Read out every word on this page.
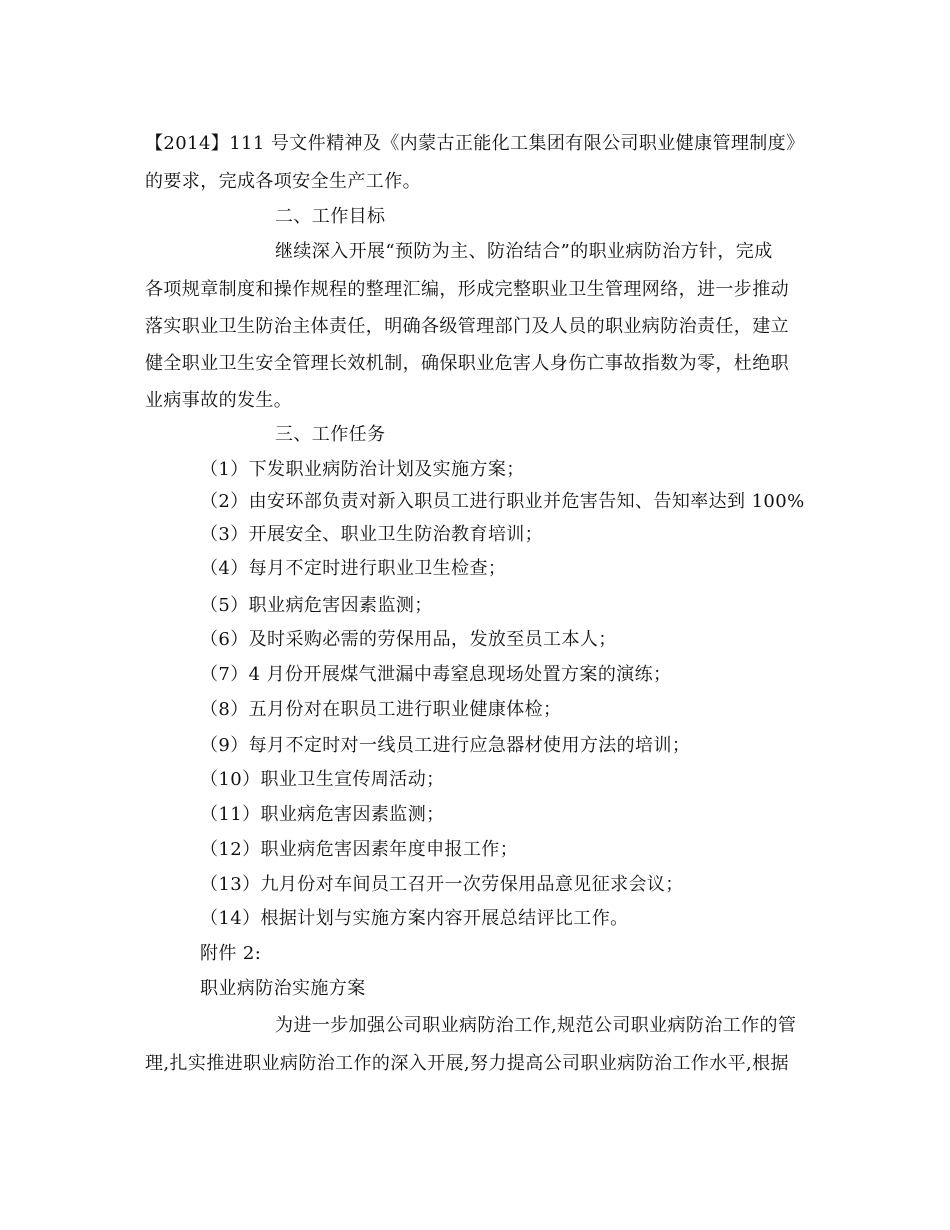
【2014】111 号文件精神及《内蒙古正能化工集团有限公司职业健康管理制度》
的要求，完成各项安全生产工作。
二、工作目标
继续深入开展“预防为主、防治结合”的职业病防治方针，完成
各项规章制度和操作规程的整理汇编，形成完整职业卫生管理网络，进一步推动
落实职业卫生防治主体责任，明确各级管理部门及人员的职业病防治责任，建立
健全职业卫生安全管理长效机制，确保职业危害人身伤亡事故指数为零，杜绝职
业病事故的发生。
三、工作任务
（1）下发职业病防治计划及实施方案；
（2）由安环部负责对新入职员工进行职业并危害告知、告知率达到 100%
（3）开展安全、职业卫生防治教育培训；
（4）每月不定时进行职业卫生检查；
（5）职业病危害因素监测；
（6）及时采购必需的劳保用品，发放至员工本人；
（7）4 月份开展煤气泄漏中毒窒息现场处置方案的演练；
（8）五月份对在职员工进行职业健康体检；
（9）每月不定时对一线员工进行应急器材使用方法的培训；
（10）职业卫生宣传周活动；
（11）职业病危害因素监测；
（12）职业病危害因素年度申报工作；
（13）九月份对车间员工召开一次劳保用品意见征求会议；
（14）根据计划与实施方案内容开展总结评比工作。
附件 2:
职业病防治实施方案
为进一步加强公司职业病防治工作,规范公司职业病防治工作的管
理,扎实推进职业病防治工作的深入开展,努力提高公司职业病防治工作水平,根据
